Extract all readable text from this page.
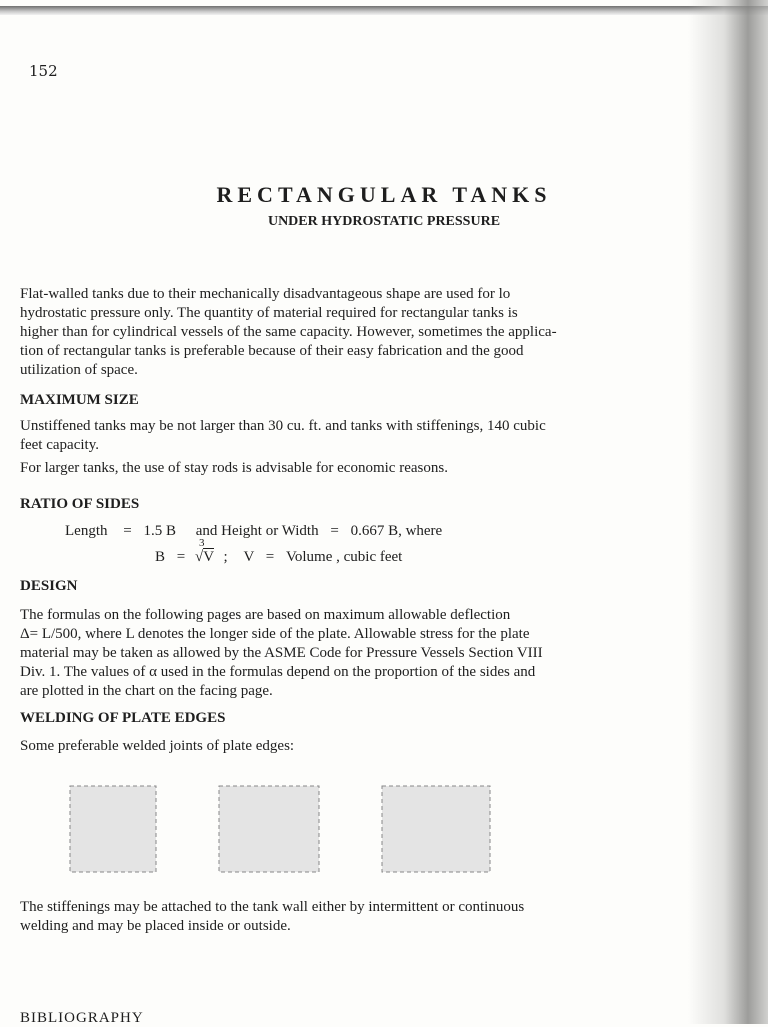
152
RECTANGULAR TANKS
UNDER HYDROSTATIC PRESSURE
Flat-walled tanks due to their mechanically disadvantageous shape are used for lo
hydrostatic pressure only. The quantity of material required for rectangular tanks is
higher than for cylindrical vessels of the same capacity. However, sometimes the applica-
tion of rectangular tanks is preferable because of their easy fabrication and the good
utilization of space.
MAXIMUM SIZE
Unstiffened tanks may be not larger than 30 cu. ft. and tanks with stiffenings, 140 cubic
feet capacity.
For larger tanks, the use of stay rods is advisable for economic reasons.
RATIO OF SIDES
Length = 1.5 B and Height or Width = 0.667 B, where
B =
3
√V ; V = Volume , cubic feet
DESIGN
The formulas on the following pages are based on maximum allowable deflection
Δ= L/500, where L denotes the longer side of the plate. Allowable stress for the plate
material may be taken as allowed by the ASME Code for Pressure Vessels Section VIII
Div. 1. The values of α used in the formulas depend on the proportion of the sides and
are plotted in the chart on the facing page.
WELDING OF PLATE EDGES
Some preferable welded joints of plate edges:
The stiffenings may be attached to the tank wall either by intermittent or continuous
welding and may be placed inside or outside.
BIBLIOGRAPHY
